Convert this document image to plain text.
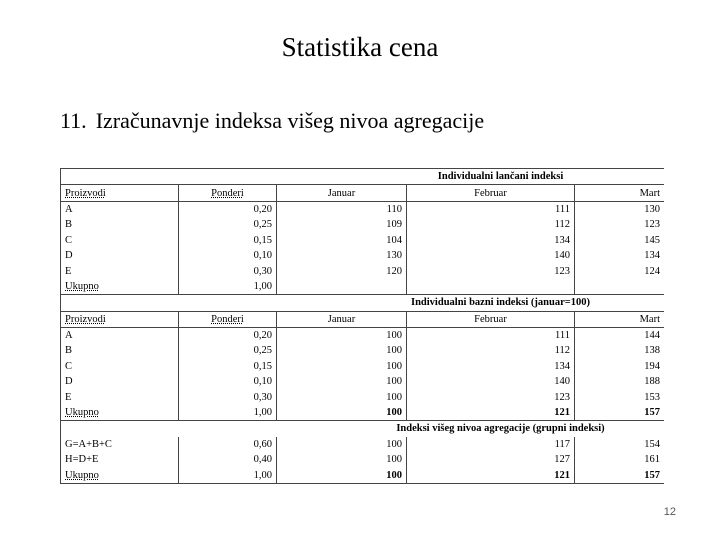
Statistika cena
11. Izračunavnje indeksa višeg nivoa agregacije
Individualni lančani indeksi				
Proizvodi	Ponderi	Januar	Februar	Mart
A	0,20	110	111	130
B	0,25	109	112	123
C	0,15	104	134	145
D	0,10	130	140	134
E	0,30	120	123	124
Ukupno	1,00			
Individualni bazni indeksi (januar=100)				
Proizvodi	Ponderi	Januar	Februar	Mart
A	0,20	100	111	144
B	0,25	100	112	138
C	0,15	100	134	194
D	0,10	100	140	188
E	0,30	100	123	153
Ukupno	1,00	100	121	157
Indeksi višeg nivoa agregacije (grupni indeksi)				
G=A+B+C	0,60	100	117	154
H=D+E	0,40	100	127	161
Ukupno	1,00	100	121	157
12
